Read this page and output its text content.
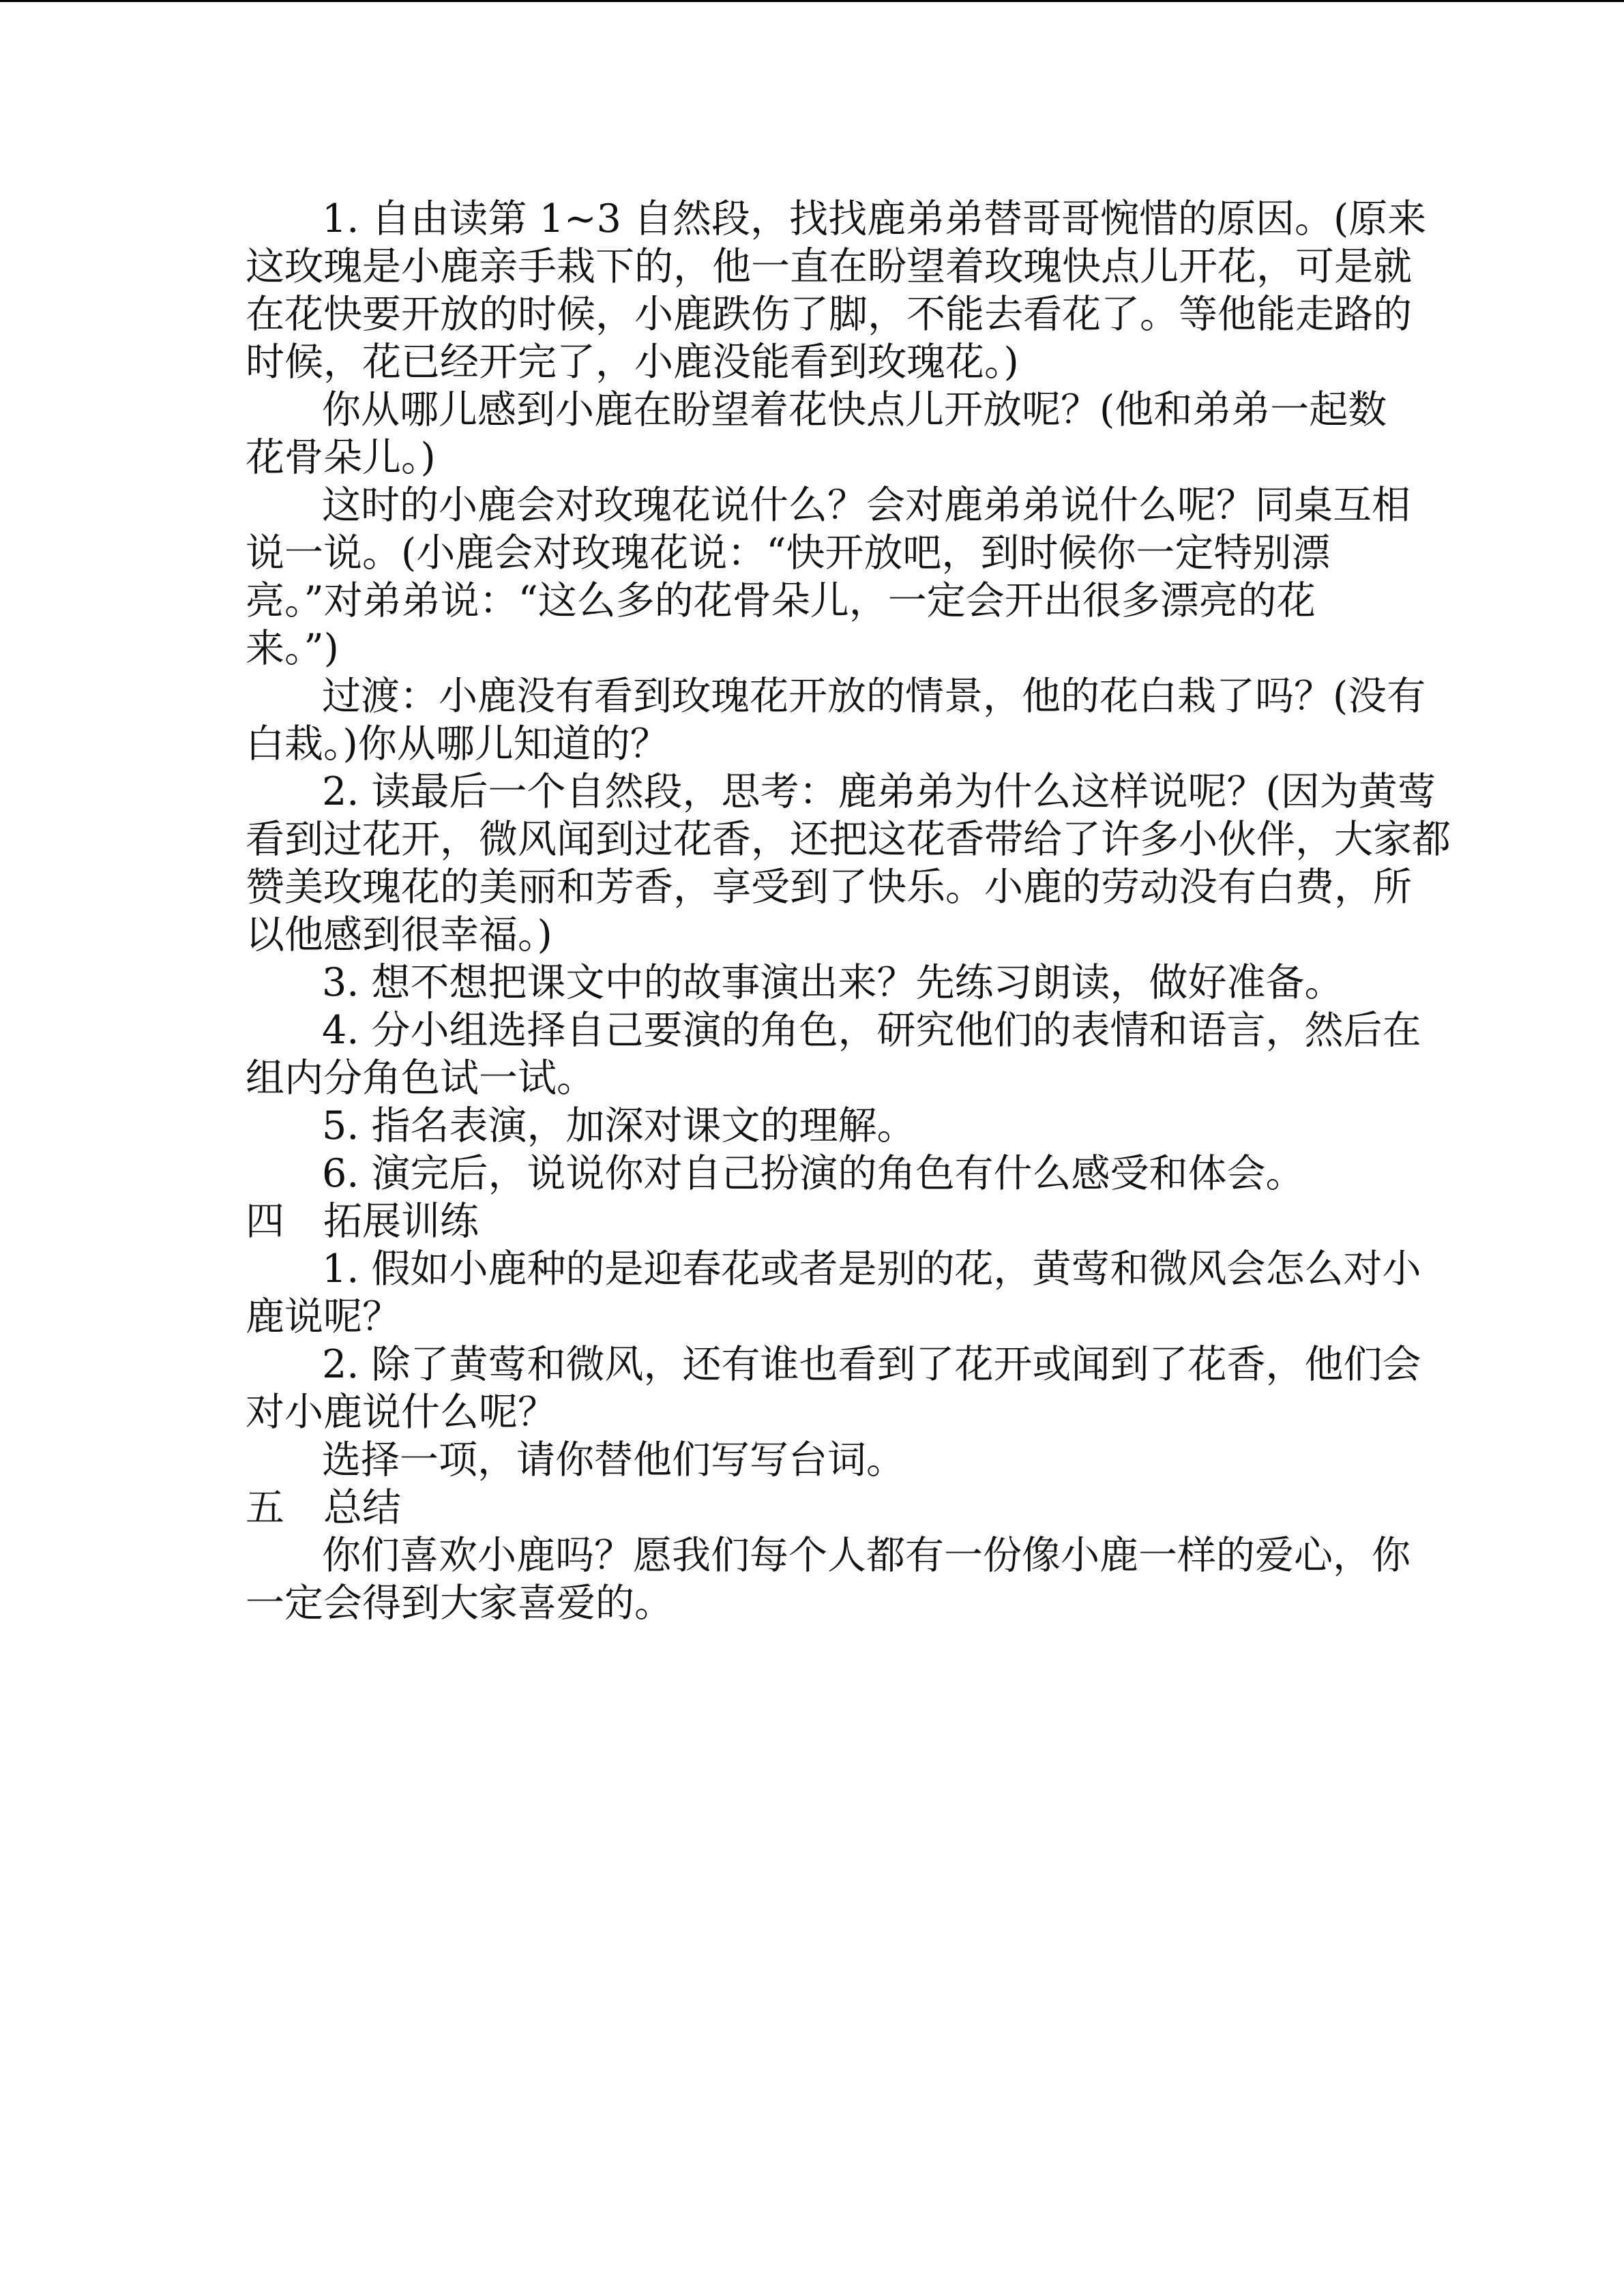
1. 自由读第 1~3 自然段，找找鹿弟弟替哥哥惋惜的原因。(原来

这玫瑰是小鹿亲手栽下的，他一直在盼望着玫瑰快点儿开花，可是就

在花快要开放的时候，小鹿跌伤了脚，不能去看花了。等他能走路的

时候，花已经开完了，小鹿没能看到玫瑰花。)

你从哪儿感到小鹿在盼望着花快点儿开放呢？(他和弟弟一起数

花骨朵儿。)

这时的小鹿会对玫瑰花说什么？会对鹿弟弟说什么呢？同桌互相

说一说。(小鹿会对玫瑰花说：“快开放吧，到时候你一定特别漂

亮。”对弟弟说：“这么多的花骨朵儿，一定会开出很多漂亮的花

来。”)

过渡：小鹿没有看到玫瑰花开放的情景，他的花白栽了吗？(没有

白栽。)你从哪儿知道的？

2. 读最后一个自然段，思考：鹿弟弟为什么这样说呢？(因为黄莺

看到过花开，微风闻到过花香，还把这花香带给了许多小伙伴，大家都

赞美玫瑰花的美丽和芳香，享受到了快乐。小鹿的劳动没有白费，所

以他感到很幸福。)

3. 想不想把课文中的故事演出来？先练习朗读，做好准备。

4. 分小组选择自己要演的角色，研究他们的表情和语言，然后在

组内分角色试一试。

5. 指名表演，加深对课文的理解。

6. 演完后，说说你对自己扮演的角色有什么感受和体会。

四　拓展训练

1. 假如小鹿种的是迎春花或者是别的花，黄莺和微风会怎么对小

鹿说呢？

2. 除了黄莺和微风，还有谁也看到了花开或闻到了花香，他们会

对小鹿说什么呢？

选择一项，请你替他们写写台词。

五　总结

你们喜欢小鹿吗？愿我们每个人都有一份像小鹿一样的爱心，你

一定会得到大家喜爱的。
